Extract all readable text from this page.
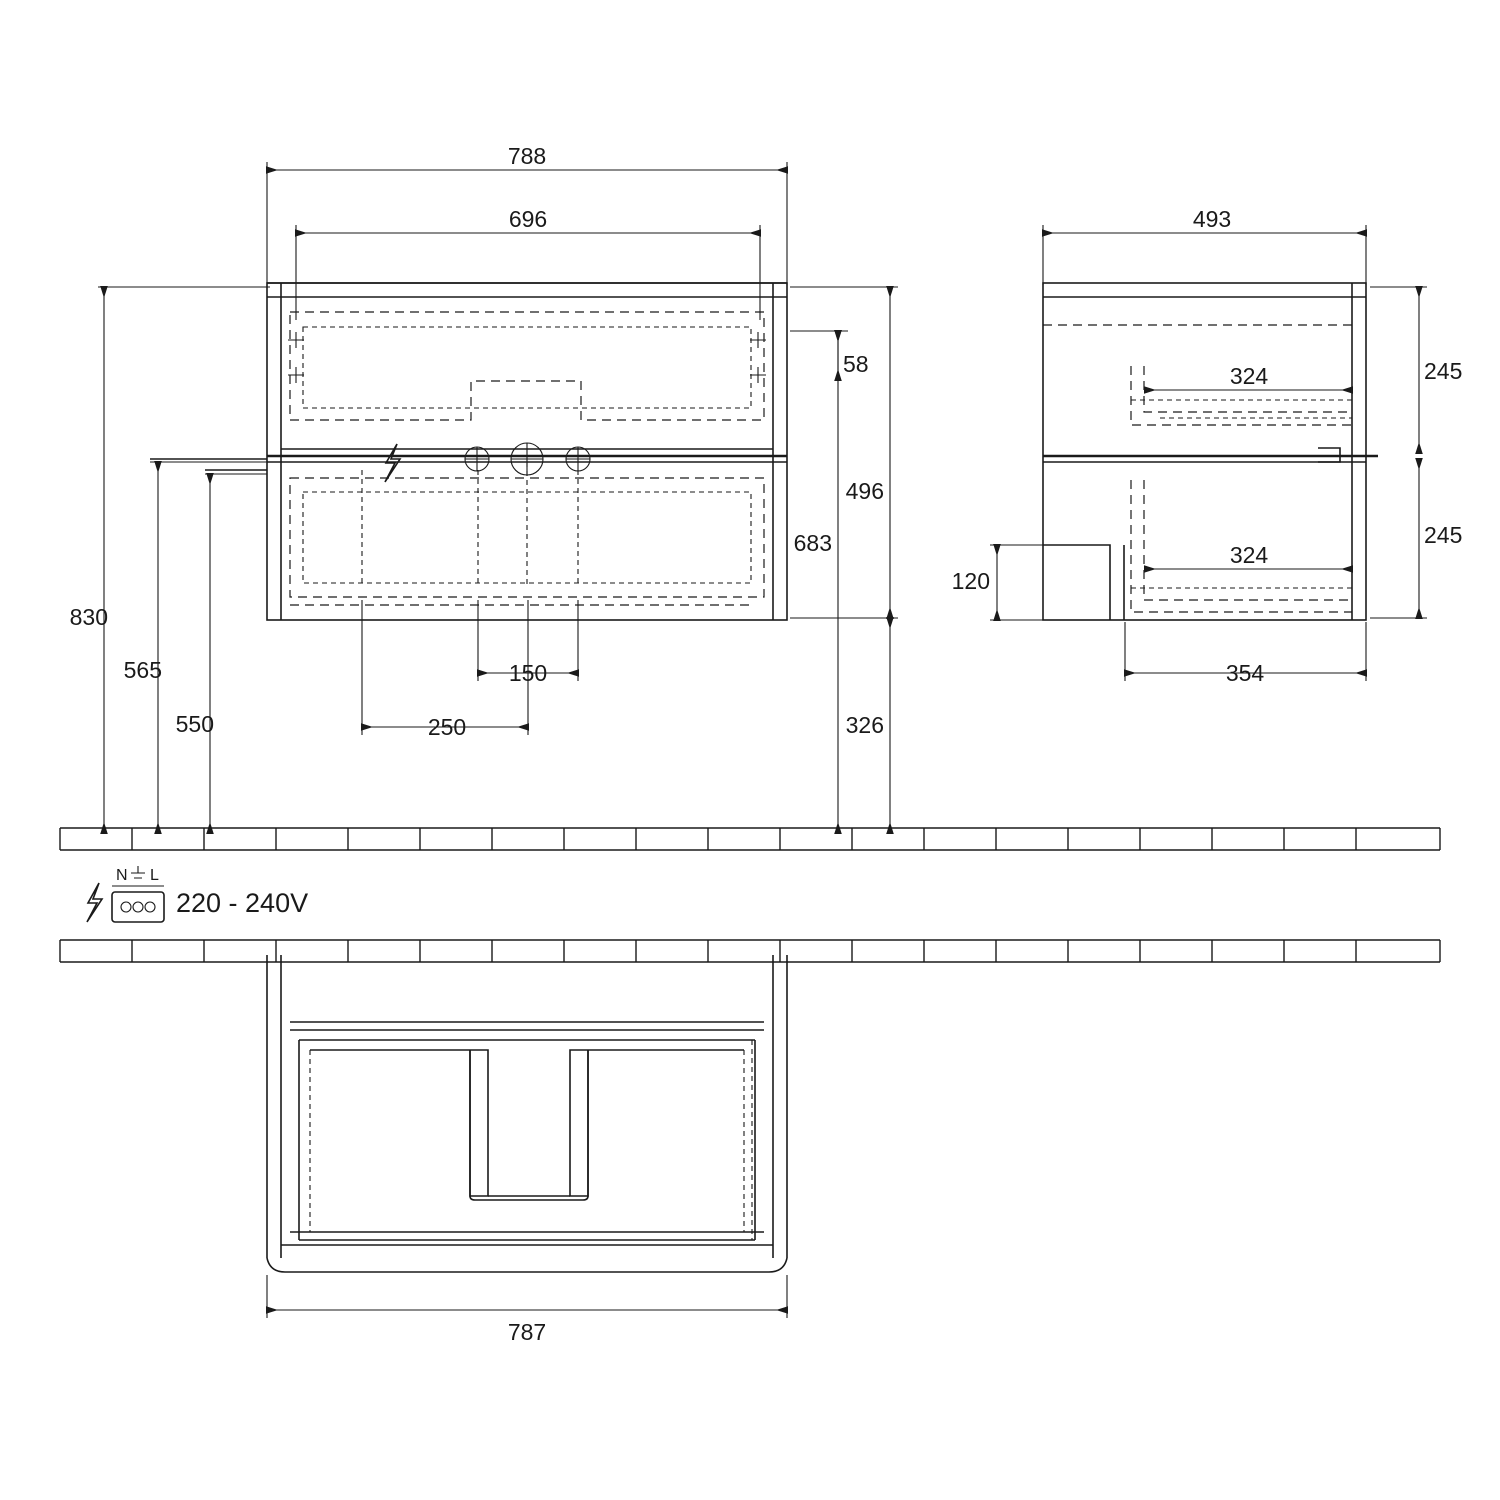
788
696
830
565
550
58
683
496
326
150
250
493
245
245
324
324
120
354
N L
220 - 240V
787
